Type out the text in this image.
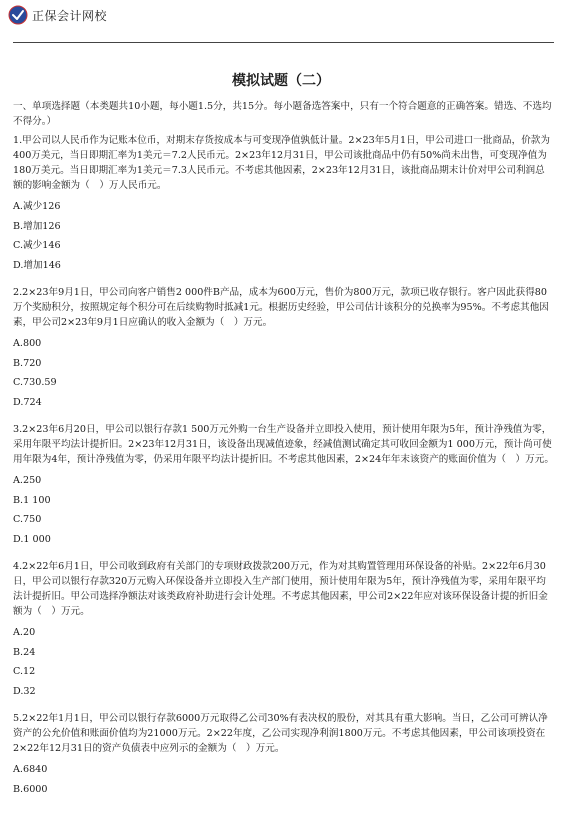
正保会计网校
模拟试题（二）

一、单项选择题（本类题共10小题，每小题1.5分，共15分。每小题备选答案中，只有一个符合题意的正确答案。错选、不选均不得分。）

1.甲公司以人民币作为记账本位币，对期末存货按成本与可变现净值孰低计量。2×23年5月1日，甲公司进口一批商品，价款为400万美元，当日即期汇率为1美元＝7.2人民币元。2×23年12月31日，甲公司该批商品中仍有50%尚未出售，可变现净值为180万美元。当日即期汇率为1美元＝7.3人民币元。不考虑其他因素，2×23年12月31日，该批商品期末计价对甲公司利润总额的影响金额为（　）万人民币元。

A.减少126

B.增加126

C.减少146

D.增加146

2.2×23年9月1日，甲公司向客户销售2 000件B产品，成本为600万元，售价为800万元，款项已收存银行。客户因此获得80万个奖励积分，按照规定每个积分可在后续购物时抵减1元。根据历史经验，甲公司估计该积分的兑换率为95%。不考虑其他因素，甲公司2×23年9月1日应确认的收入金额为（　）万元。

A.800

B.720

C.730.59

D.724

3.2×23年6月20日，甲公司以银行存款1 500万元外购一台生产设备并立即投入使用，预计使用年限为5年，预计净残值为零，采用年限平均法计提折旧。2×23年12月31日，该设备出现减值迹象，经减值测试确定其可收回金额为1 000万元，预计尚可使用年限为4年，预计净残值为零，仍采用年限平均法计提折旧。不考虑其他因素，2×24年年末该资产的账面价值为（　）万元。

A.250

B.1 100

C.750

D.1 000

4.2×22年6月1日，甲公司收到政府有关部门的专项财政拨款200万元，作为对其购置管理用环保设备的补贴。2×22年6月30日，甲公司以银行存款320万元购入环保设备并立即投入生产部门使用，预计使用年限为5年，预计净残值为零，采用年限平均法计提折旧。甲公司选择净额法对该类政府补助进行会计处理。不考虑其他因素，甲公司2×22年应对该环保设备计提的折旧金额为（　）万元。

A.20

B.24

C.12

D.32

5.2×22年1月1日，甲公司以银行存款6000万元取得乙公司30%有表决权的股份，对其具有重大影响。当日，乙公司可辨认净资产的公允价值和账面价值均为21000万元。2×22年度，乙公司实现净利润1800万元。不考虑其他因素，甲公司该项投资在2×22年12月31日的资产负债表中应列示的金额为（　）万元。

A.6840

B.6000
